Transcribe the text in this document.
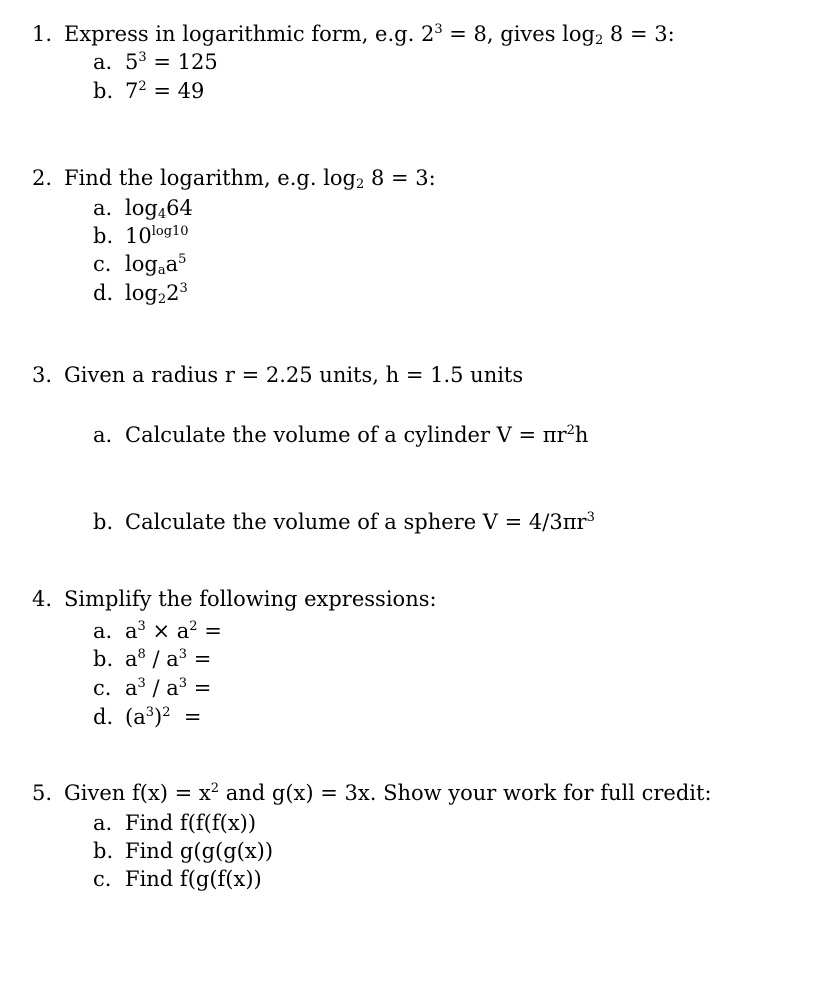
1. Express in logarithmic form, e.g. $2^3 = 8$, gives $\log_2 8 = 3$:
a. $5^3 = 125$
b. $7^2 = 49$
2. Find the logarithm, e.g. $\log_2 8 = 3$:
a. $\log_464$
b. $10^{log10}$
c. $\log_aa^5$
d. $\log_22^3$
3. Given a radius r = 2.25 units, h = 1.5 units
a. Calculate the volume of a cylinder $V = \pi r^2h$
b. Calculate the volume of a sphere $V = 4/3\pi r^3$
4. Simplify the following expressions:
a. $a^3 \times a^2$ =
b. $a^8 / a^3$ =
c. $a^3 / a^3$ =
d. $(a^3)^2$  =
5. Given $f(x) = x^2$ and g(x) = 3x. Show your work for full credit:
a. Find f(f(f(x))
b. Find g(g(g(x))
c. Find f(g(f(x))
